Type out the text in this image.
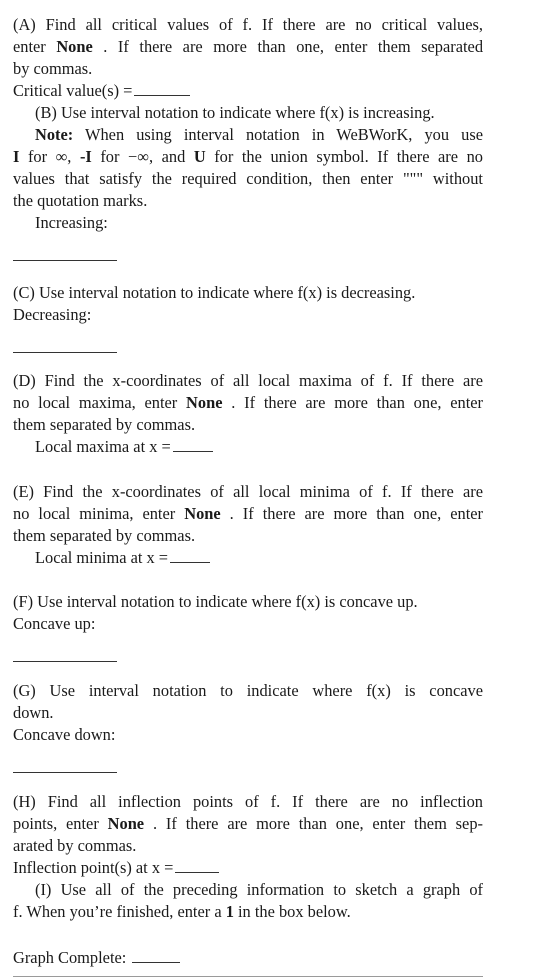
(A) Find all critical values of f. If there are no critical values,

enter None . If there are more than one, enter them separated

by commas.

Critical value(s) =

(B) Use interval notation to indicate where f(x) is increasing.

Note: When using interval notation in WeBWorK, you use

I for ∞, -I for −∞, and U for the union symbol. If there are no

values that satisfy the required condition, then enter """ without

the quotation marks.

Increasing:

(C) Use interval notation to indicate where f(x) is decreasing.

Decreasing:

(D) Find the x-coordinates of all local maxima of f. If there are

no local maxima, enter None . If there are more than one, enter

them separated by commas.

Local maxima at x =

(E) Find the x-coordinates of all local minima of f. If there are

no local minima, enter None . If there are more than one, enter

them separated by commas.

Local minima at x =

(F) Use interval notation to indicate where f(x) is concave up.

Concave up:

(G) Use interval notation to indicate where f(x) is concave

down.

Concave down:

(H) Find all inflection points of f. If there are no inflection

points, enter None . If there are more than one, enter them sep-

arated by commas.

Inflection point(s) at x =

(I) Use all of the preceding information to sketch a graph of

f. When you’re finished, enter a 1 in the box below.

Graph Complete:
